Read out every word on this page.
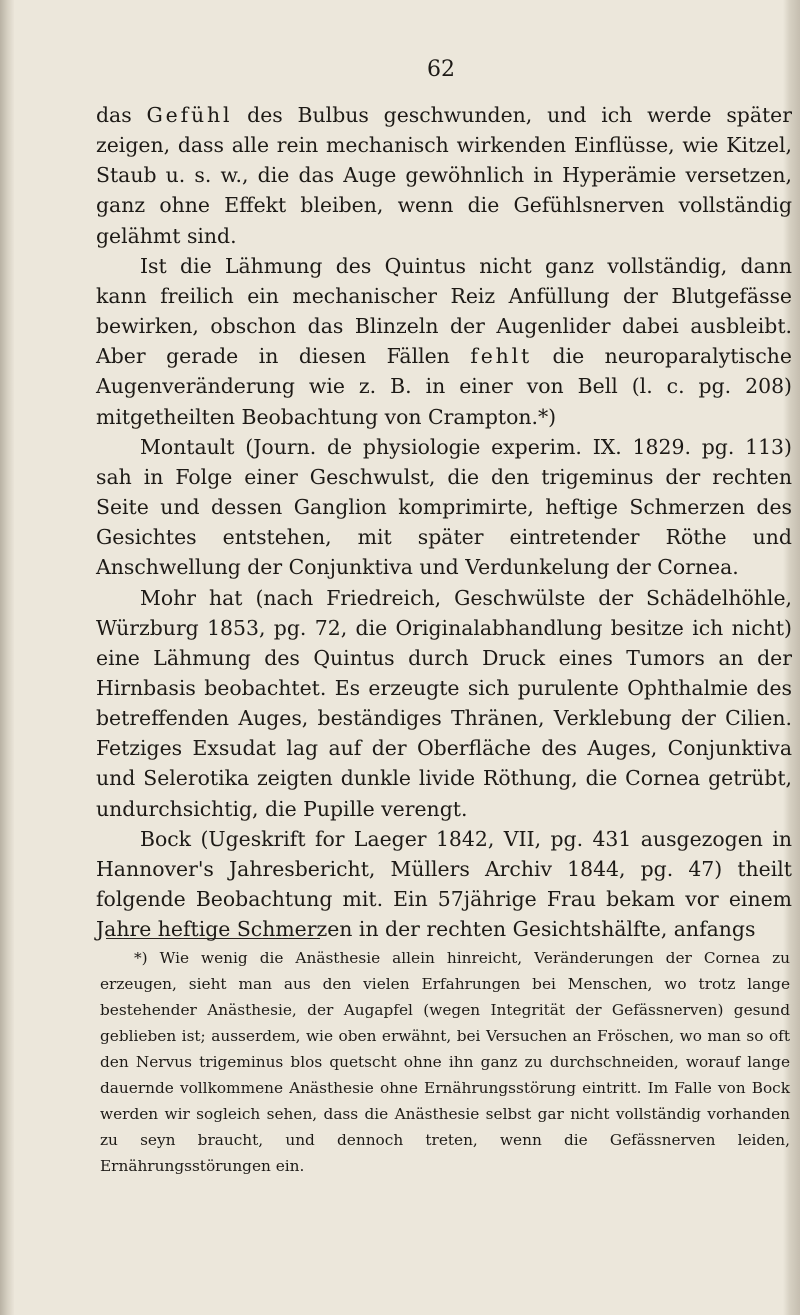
62

das Gefühl des Bulbus geschwunden, und ich werde später zeigen, dass alle rein mechanisch wirkenden Einflüsse, wie Kitzel, Staub u. s. w., die das Auge gewöhnlich in Hyperämie versetzen, ganz ohne Effekt bleiben, wenn die Gefühlsnerven vollständig gelähmt sind.

Ist die Lähmung des Quintus nicht ganz vollständig, dann kann freilich ein mechanischer Reiz Anfüllung der Blutgefässe bewirken, obschon das Blinzeln der Augenlider dabei ausbleibt. Aber gerade in diesen Fällen fehlt die neuroparalytische Augenveränderung wie z. B. in einer von Bell (l. c. pg. 208) mitgetheilten Beobachtung von Crampton.*)

Montault (Journ. de physiologie experim. IX. 1829. pg. 113) sah in Folge einer Geschwulst, die den trigeminus der rechten Seite und dessen Ganglion komprimirte, heftige Schmerzen des Gesichtes entstehen, mit später eintretender Röthe und Anschwellung der Conjunktiva und Verdunkelung der Cornea.

Mohr hat (nach Friedreich, Geschwülste der Schädelhöhle, Würzburg 1853, pg. 72, die Originalabhandlung besitze ich nicht) eine Lähmung des Quintus durch Druck eines Tumors an der Hirnbasis beobachtet. Es erzeugte sich purulente Ophthalmie des betreffenden Auges, beständiges Thränen, Verklebung der Cilien. Fetziges Exsudat lag auf der Oberfläche des Auges, Conjunktiva und Selerotika zeigten dunkle livide Röthung, die Cornea getrübt, undurchsichtig, die Pupille verengt.

Bock (Ugeskrift for Laeger 1842, VII, pg. 431 ausgezogen in Hannover's Jahresbericht, Müllers Archiv 1844, pg. 47) theilt folgende Beobachtung mit. Ein 57jährige Frau bekam vor einem Jahre heftige Schmerzen in der rechten Gesichtshälfte, anfangs

*) Wie wenig die Anästhesie allein hinreicht, Veränderungen der Cornea zu erzeugen, sieht man aus den vielen Erfahrungen bei Menschen, wo trotz lange bestehender Anästhesie, der Augapfel (wegen Integrität der Gefässnerven) gesund geblieben ist; ausserdem, wie oben erwähnt, bei Versuchen an Fröschen, wo man so oft den Nervus trigeminus blos quetscht ohne ihn ganz zu durchschneiden, worauf lange dauernde vollkommene Anästhesie ohne Ernährungsstörung eintritt. Im Falle von Bock werden wir sogleich sehen, dass die Anästhesie selbst gar nicht vollständig vorhanden zu seyn braucht, und dennoch treten, wenn die Gefässnerven leiden, Ernährungsstörungen ein.
